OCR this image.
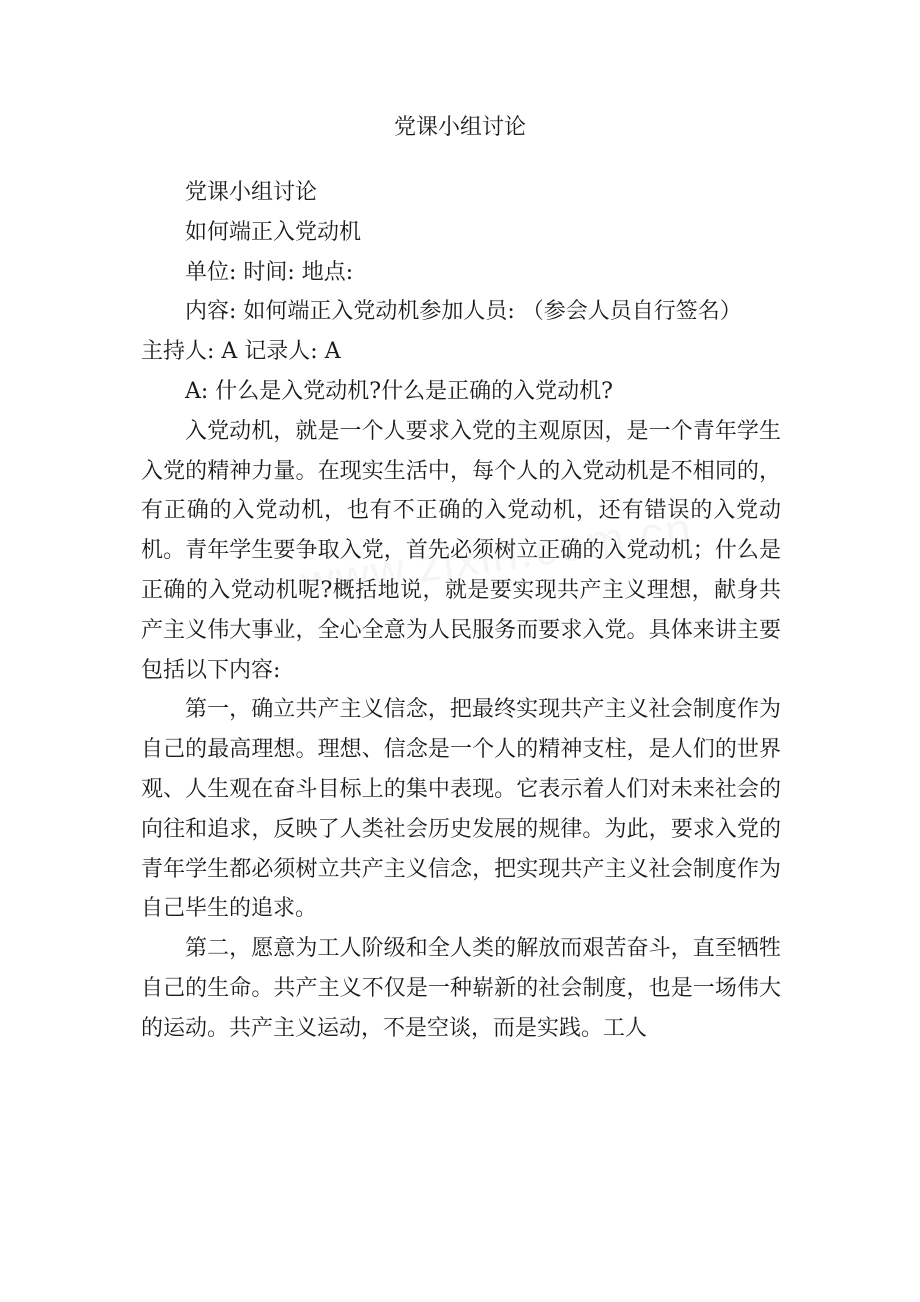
党课小组讨论

党课小组讨论

如何端正入党动机

单位: 时间: 地点:

内容: 如何端正入党动机参加人员: （参会人员自行签名）

主持人: A 记录人: A

A: 什么是入党动机?什么是正确的入党动机?

入党动机，就是一个人要求入党的主观原因，是一个青年学生入党的精神力量。在现实生活中，每个人的入党动机是不相同的，有正确的入党动机，也有不正确的入党动机，还有错误的入党动机。青年学生要争取入党，首先必须树立正确的入党动机；什么是正确的入党动机呢?概括地说，就是要实现共产主义理想，献身共产主义伟大事业，全心全意为人民服务而要求入党。具体来讲主要包括以下内容:

第一，确立共产主义信念，把最终实现共产主义社会制度作为自己的最高理想。理想、信念是一个人的精神支柱，是人们的世界观、人生观在奋斗目标上的集中表现。它表示着人们对未来社会的向往和追求，反映了人类社会历史发展的规律。为此，要求入党的青年学生都必须树立共产主义信念，把实现共产主义社会制度作为自己毕生的追求。

第二，愿意为工人阶级和全人类的解放而艰苦奋斗，直至牺牲自己的生命。共产主义不仅是一种崭新的社会制度，也是一场伟大的运动。共产主义运动，不是空谈，而是实践。工人
